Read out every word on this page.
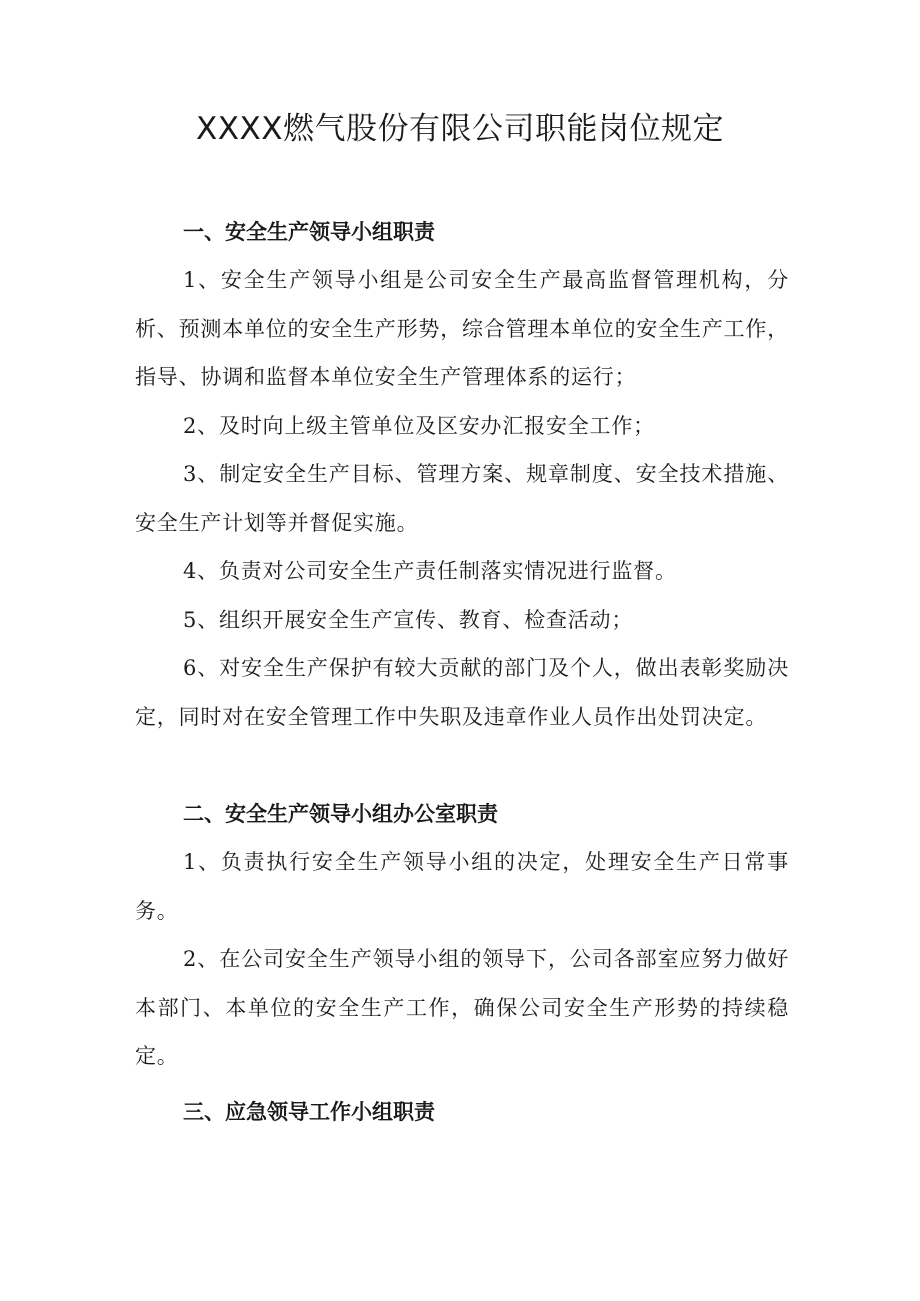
XXXX燃气股份有限公司职能岗位规定
一、安全生产领导小组职责

1、安全生产领导小组是公司安全生产最高监督管理机构，分析、预测本单位的安全生产形势，综合管理本单位的安全生产工作，指导、协调和监督本单位安全生产管理体系的运行；

2、及时向上级主管单位及区安办汇报安全工作；

3、制定安全生产目标、管理方案、规章制度、安全技术措施、安全生产计划等并督促实施。

4、负责对公司安全生产责任制落实情况进行监督。

5、组织开展安全生产宣传、教育、检查活动；

6、对安全生产保护有较大贡献的部门及个人，做出表彰奖励决定，同时对在安全管理工作中失职及违章作业人员作出处罚决定。

二、安全生产领导小组办公室职责

1、负责执行安全生产领导小组的决定，处理安全生产日常事务。

2、在公司安全生产领导小组的领导下，公司各部室应努力做好本部门、本单位的安全生产工作，确保公司安全生产形势的持续稳定。

三、应急领导工作小组职责
